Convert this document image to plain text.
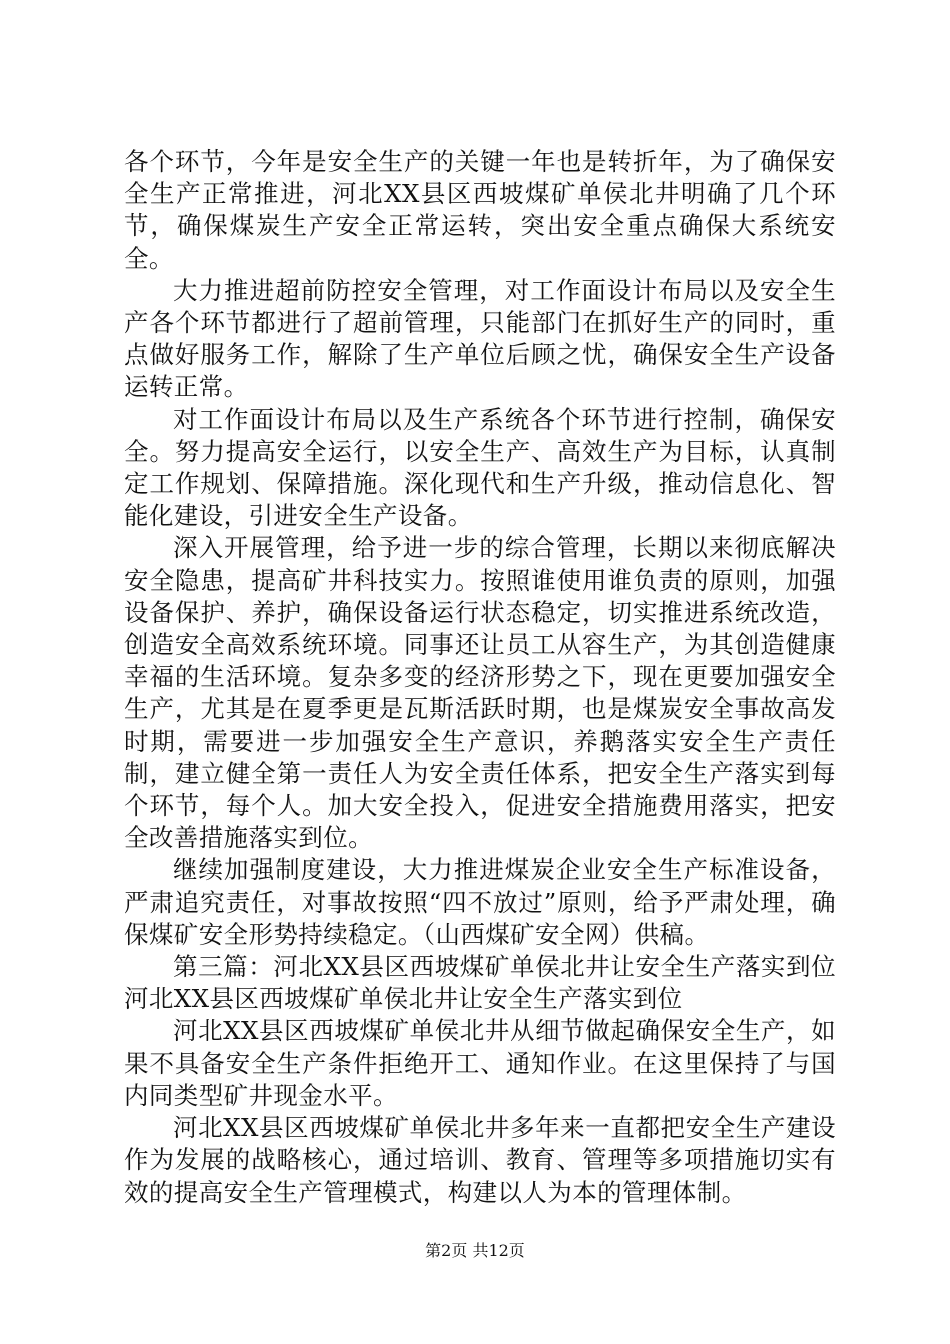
各个环节，今年是安全生产的关键一年也是转折年，为了确保安全生产正常推进，河北XX县区西坡煤矿单侯北井明确了几个环节，确保煤炭生产安全正常运转，突出安全重点确保大系统安全。

大力推进超前防控安全管理，对工作面设计布局以及安全生产各个环节都进行了超前管理，只能部门在抓好生产的同时，重点做好服务工作，解除了生产单位后顾之忧，确保安全生产设备运转正常。

对工作面设计布局以及生产系统各个环节进行控制，确保安全。努力提高安全运行，以安全生产、高效生产为目标，认真制定工作规划、保障措施。深化现代和生产升级，推动信息化、智能化建设，引进安全生产设备。

深入开展管理，给予进一步的综合管理，长期以来彻底解决安全隐患，提高矿井科技实力。按照谁使用谁负责的原则，加强设备保护、养护，确保设备运行状态稳定，切实推进系统改造，创造安全高效系统环境。同事还让员工从容生产，为其创造健康幸福的生活环境。复杂多变的经济形势之下，现在更要加强安全生产，尤其是在夏季更是瓦斯活跃时期，也是煤炭安全事故高发时期，需要进一步加强安全生产意识，养鹅落实安全生产责任制，建立健全第一责任人为安全责任体系，把安全生产落实到每个环节，每个人。加大安全投入，促进安全措施费用落实，把安全改善措施落实到位。

继续加强制度建设，大力推进煤炭企业安全生产标准设备，严肃追究责任，对事故按照“四不放过”原则，给予严肃处理，确保煤矿安全形势持续稳定。（山西煤矿安全网）供稿。

第三篇：河北XX县区西坡煤矿单侯北井让安全生产落实到位河北XX县区西坡煤矿单侯北井让安全生产落实到位

河北XX县区西坡煤矿单侯北井从细节做起确保安全生产，如果不具备安全生产条件拒绝开工、通知作业。在这里保持了与国内同类型矿井现金水平。

河北XX县区西坡煤矿单侯北井多年来一直都把安全生产建设作为发展的战略核心，通过培训、教育、管理等多项措施切实有效的提高安全生产管理模式，构建以人为本的管理体制。

第2页 共12页
